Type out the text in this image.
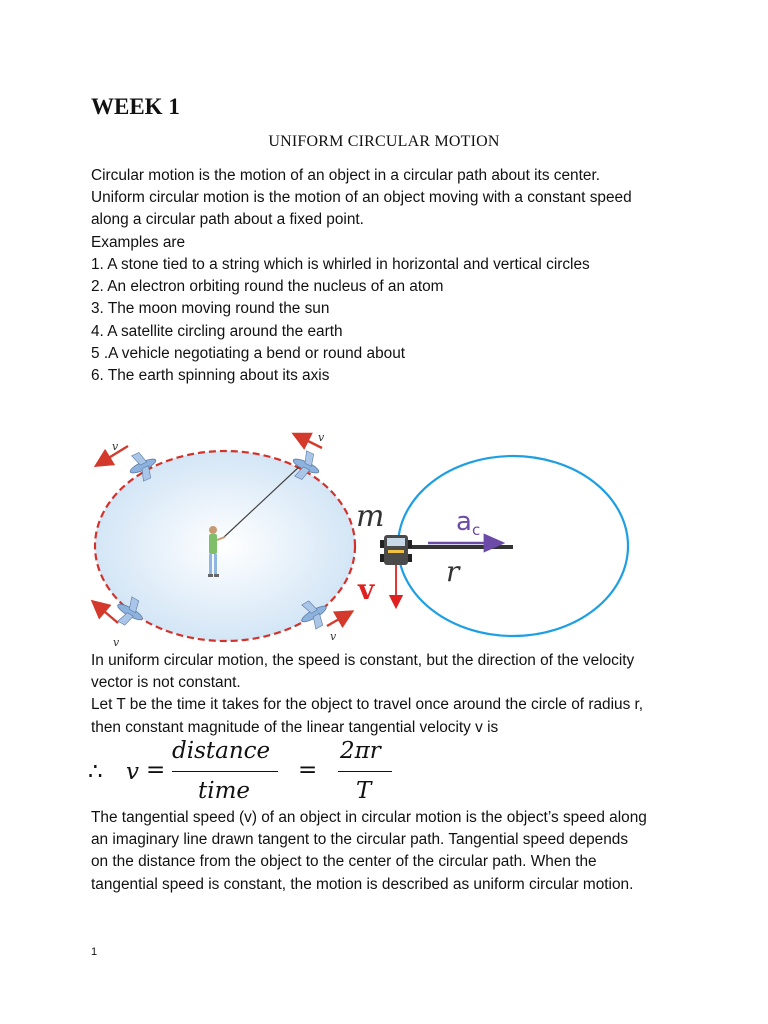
WEEK 1
UNIFORM CIRCULAR MOTION
Circular motion is the motion of an object in a circular path about its center.
Uniform circular motion is the motion of an object moving with a constant speed
along a circular path about a fixed point.
Examples are
1. A stone tied to a string which is whirled in horizontal and vertical circles
2. An electron orbiting round the nucleus of an atom
3. The moon moving round the sun
4. A satellite circling around the earth
5 .A vehicle negotiating a bend or round about
6. The earth spinning about its axis
v
v
v	v
m
v
ac
r
In uniform circular motion, the speed is constant, but the direction of the velocity
vector is not constant.
Let T be the time it takes for the object to travel once around the circle of radius r,
then constant magnitude of the linear tangential velocity v is
∴ v =
distance
time
=
2πr
T
The tangential speed (v) of an object in circular motion is the object’s speed along
an imaginary line drawn tangent to the circular path. Tangential speed depends
on the distance from the object to the center of the circular path. When the
tangential speed is constant, the motion is described as uniform circular motion.
1
